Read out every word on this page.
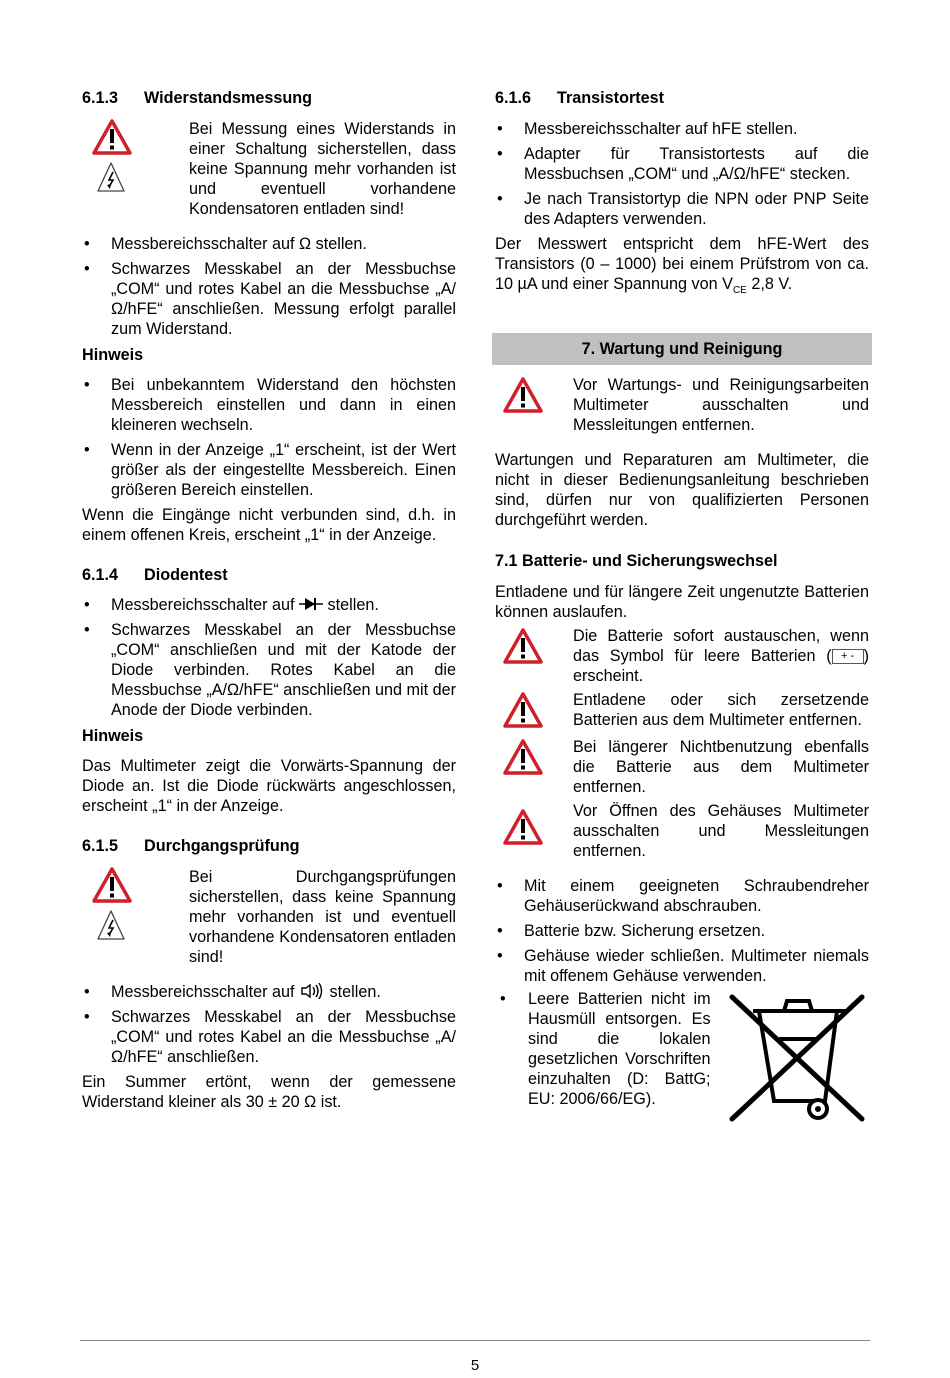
6.1.3 Widerstandsmessung
Bei Messung eines Widerstands in einer Schaltung sicherstellen, dass keine Spannung mehr vorhanden ist und eventuell vorhandene Kondensatoren entladen sind!
• Messbereichsschalter auf Ω stellen.
• Schwarzes Messkabel an der Messbuchse „COM“ und rotes Kabel an die Messbuchse „A/Ω/hFE“ anschließen. Messung erfolgt parallel zum Widerstand.
Hinweis
• Bei unbekanntem Widerstand den höchsten Messbereich einstellen und dann in einen kleineren wechseln.
• Wenn in der Anzeige „1“ erscheint, ist der Wert größer als der eingestellte Messbereich. Einen größeren Bereich einstellen.

Wenn die Eingänge nicht verbunden sind, d.h. in einem offenen Kreis, erscheint „1“ in der Anzeige.

6.1.4 Diodentest
• Messbereichsschalter auf stellen.
• Schwarzes Messkabel an der Messbuchse „COM“ anschließen und mit der Katode der Diode verbinden. Rotes Kabel an die Messbuchse „A/Ω/hFE“ anschließen und mit der Anode der Diode verbinden.
Hinweis

Das Multimeter zeigt die Vorwärts-Spannung der Diode an. Ist die Diode rückwärts angeschlossen, erscheint „1“ in der Anzeige.

6.1.5 Durchgangsprüfung
Bei Durchgangsprüfungen sicherstellen, dass keine Spannung mehr vorhanden ist und eventuell vorhandene Kondensatoren entladen sind!
• Messbereichsschalter auf stellen.
• Schwarzes Messkabel an der Messbuchse „COM“ und rotes Kabel an die Messbuchse „A/Ω/hFE“ anschließen.

Ein Summer ertönt, wenn der gemessene Widerstand kleiner als 30 ± 20 Ω ist.

6.1.6 Transistortest
• Messbereichsschalter auf hFE stellen.
• Adapter für Transistortests auf die Messbuchsen „COM“ und „A/Ω/hFE“ stecken.
• Je nach Transistortyp die NPN oder PNP Seite des Adapters verwenden.

Der Messwert entspricht dem hFE-Wert des Transistors (0 – 1000) bei einem Prüfstrom von ca. 10 µA und einer Spannung von $V_{CE}$ 2,8 V.

7. Wartung und Reinigung
Vor Wartungs- und Reinigungsarbeiten Multimeter ausschalten und Messleitungen entfernen.

Wartungen und Reparaturen am Multimeter, die nicht in dieser Bedienungsanleitung beschrieben sind, dürfen nur von qualifizierten Personen durchgeführt werden.

7.1 Batterie- und Sicherungswechsel

Entladene und für längere Zeit ungenutzte Batterien können auslaufen.

Die Batterie sofort austauschen, wenn das Symbol für leere Batterien ( + - ) erscheint.
Entladene oder sich zersetzende Batterien aus dem Multimeter entfernen.
Bei längerer Nichtbenutzung ebenfalls die Batterie aus dem Multimeter entfernen.
Vor Öffnen des Gehäuses Multimeter ausschalten und Messleitungen entfernen.
• Mit einem geeigneten Schraubendreher Gehäuserückwand abschrauben.
• Batterie bzw. Sicherung ersetzen.
• Gehäuse wieder schließen. Multimeter niemals mit offenem Gehäuse verwenden.
• Leere Batterien nicht im Hausmüll entsorgen. Es sind die lokalen gesetzlichen Vorschriften einzuhalten (D: BattG; EU: 2006/66/EG).
5
